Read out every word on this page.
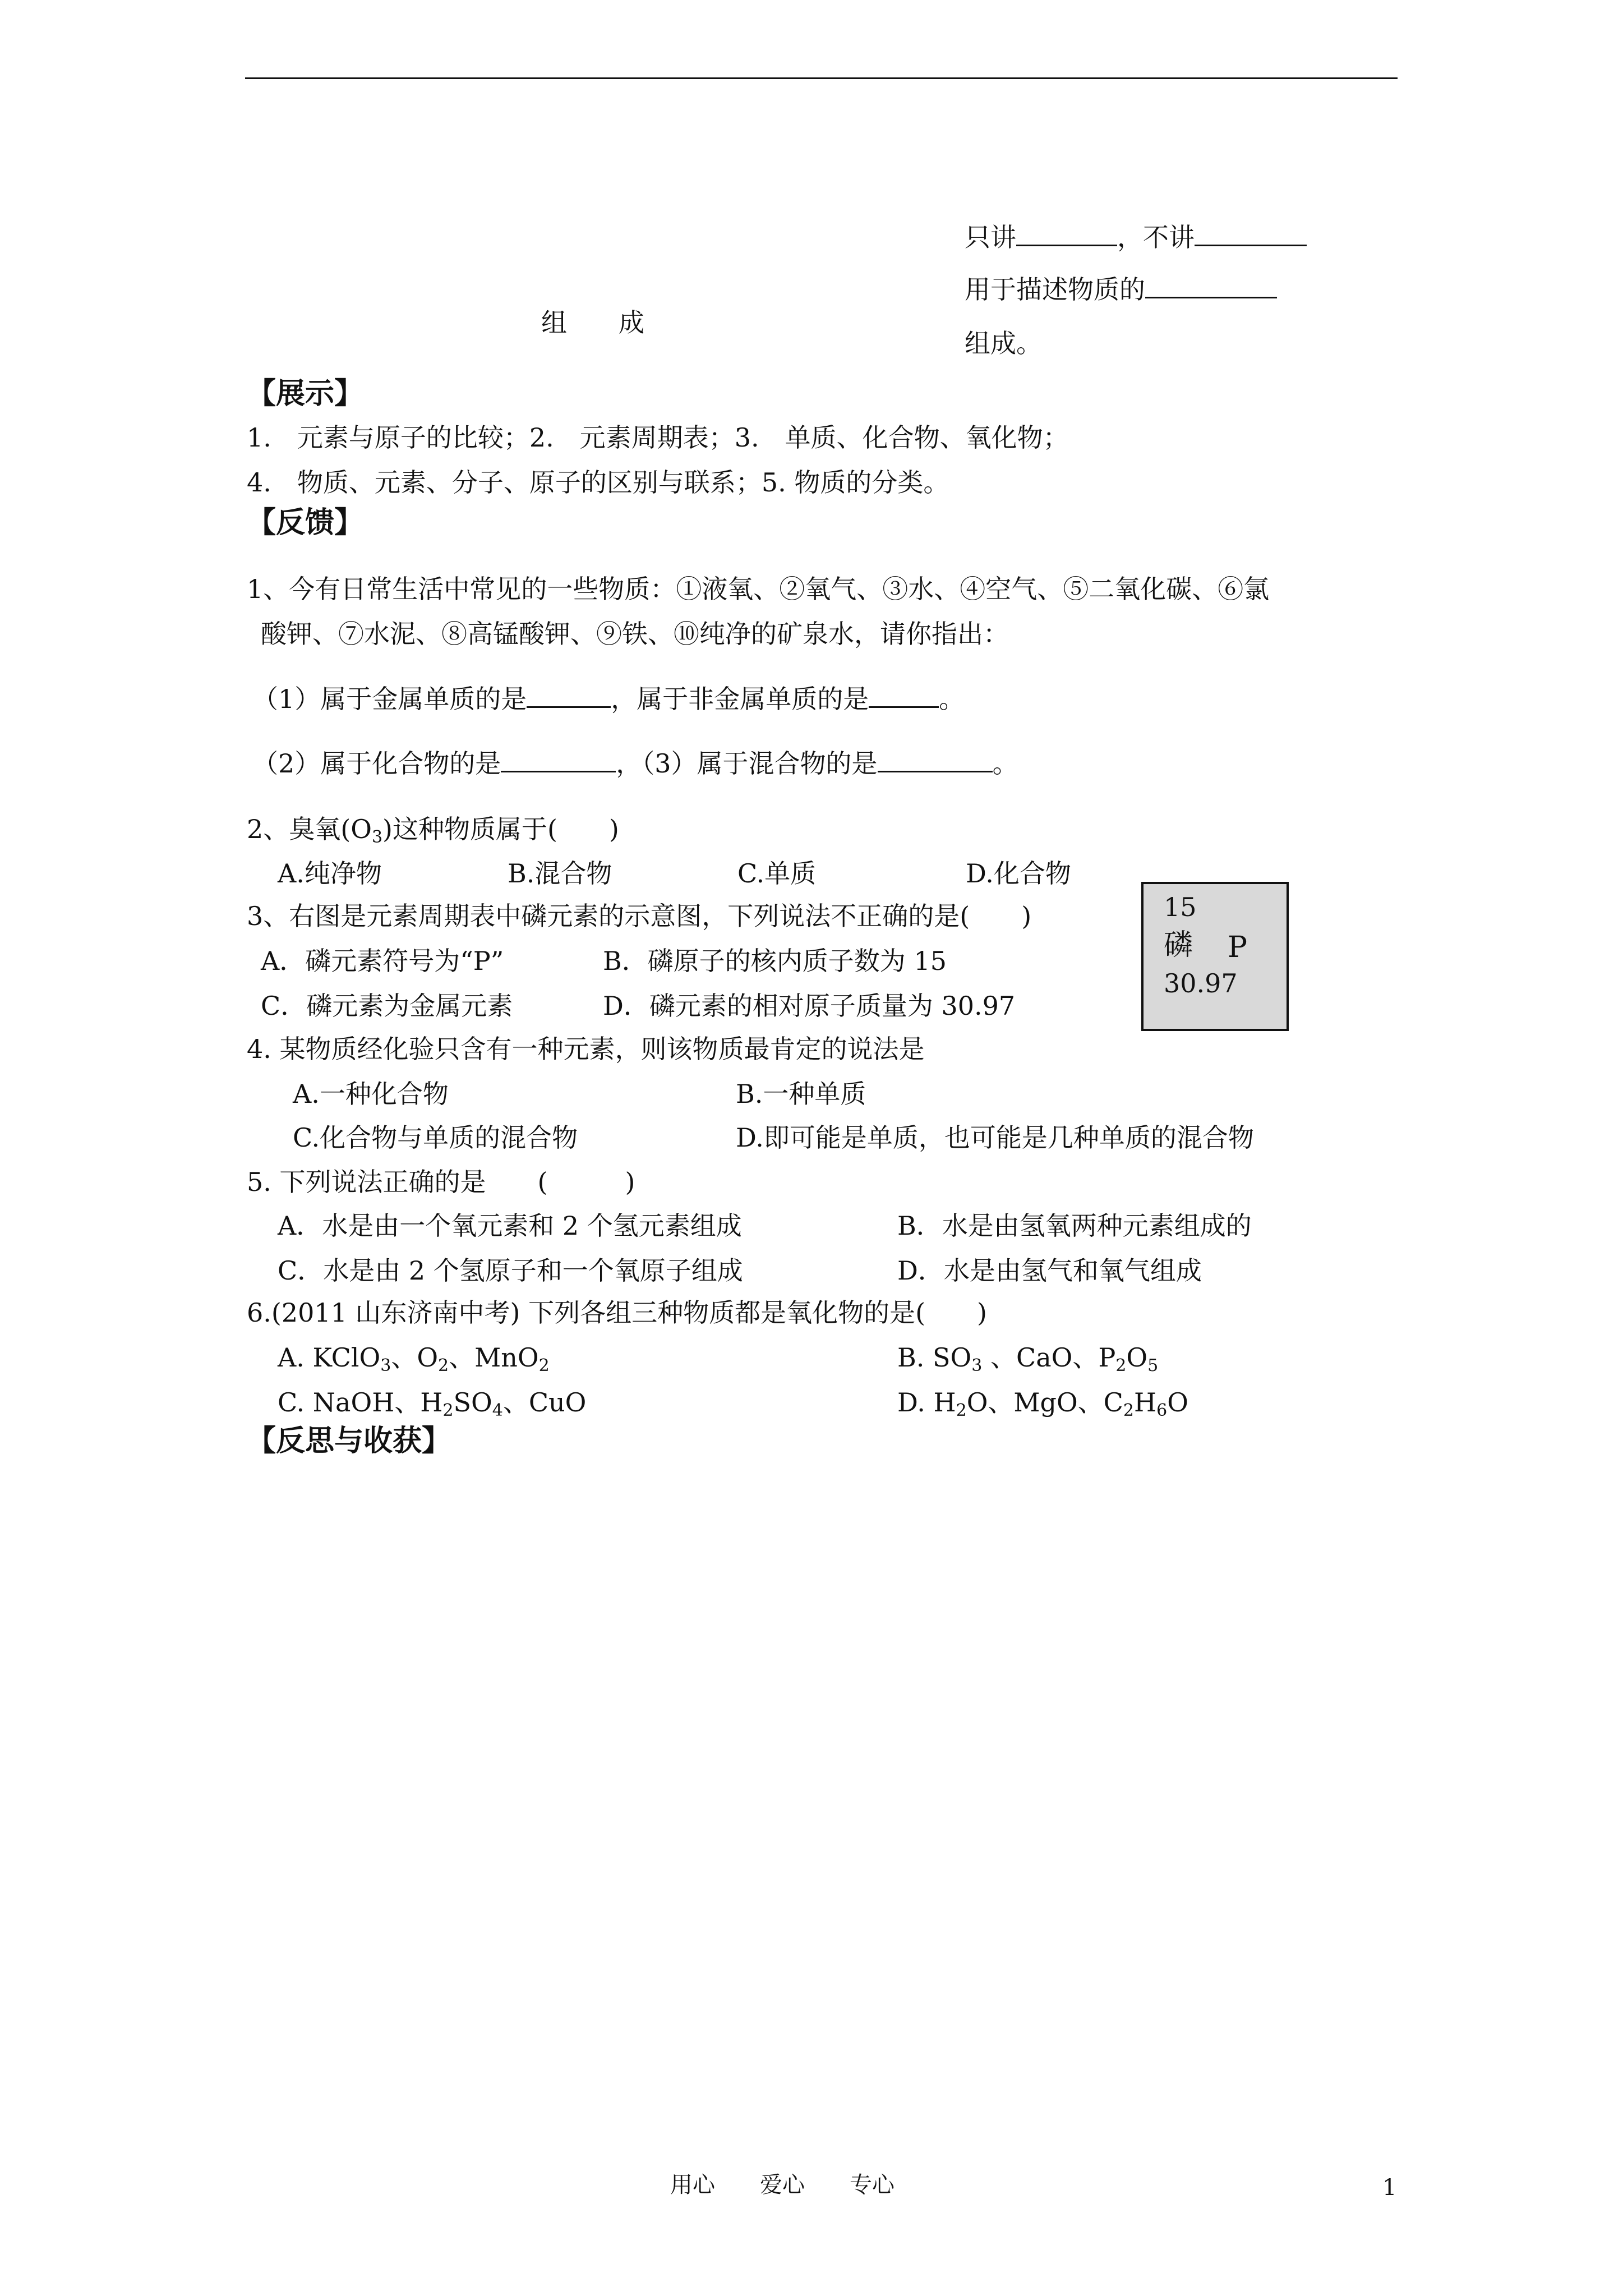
只讲	，不讲
用于描述物质的
组成。
组　　成
【展示】
1.　元素与原子的比较；2.　元素周期表；3.　单质、化合物、氧化物；
4.　物质、元素、分子、原子的区别与联系；5. 物质的分类。
【反馈】
1、今有日常生活中常见的一些物质：①液氧、②氧气、③水、④空气、⑤二氧化碳、⑥氯
酸钾、⑦水泥、⑧高锰酸钾、⑨铁、⑩纯净的矿泉水，请你指出：
（1）属于金属单质的是	，属于非金属单质的是	。
（2）属于化合物的是	，（3）属于混合物的是	。
2、臭氧$(O_3)$这种物质属于(　　)
A.纯净物	B.混合物	C.单质	D.化合物
3、右图是元素周期表中磷元素的示意图，下列说法不正确的是(　　)
A．磷元素符号为“P”	B．磷原子的核内质子数为 15
C．磷元素为金属元素	D．磷元素的相对原子质量为 30.97
15
磷 P
30.97
4. 某物质经化验只含有一种元素，则该物质最肯定的说法是
A.一种化合物	B.一种单质
C.化合物与单质的混合物	D.即可能是单质，也可能是几种单质的混合物
5. 下列说法正确的是　　(　　　)
A．水是由一个氧元素和 2 个氢元素组成	B．水是由氢氧两种元素组成的
C．水是由 2 个氢原子和一个氧原子组成	D．水是由氢气和氧气组成
6.(2011 山东济南中考) 下列各组三种物质都是氧化物的是(　　)
A. KClO$_3$、$O_2$、MnO$_2$	B. $SO_3$ 、CaO、$P_2O_5$
C. NaOH、$H_2SO_4$、CuO	D. $H_2O$、MgO、$C_2H_6O$
【反思与收获】
用心　　爱心　　专心	1
